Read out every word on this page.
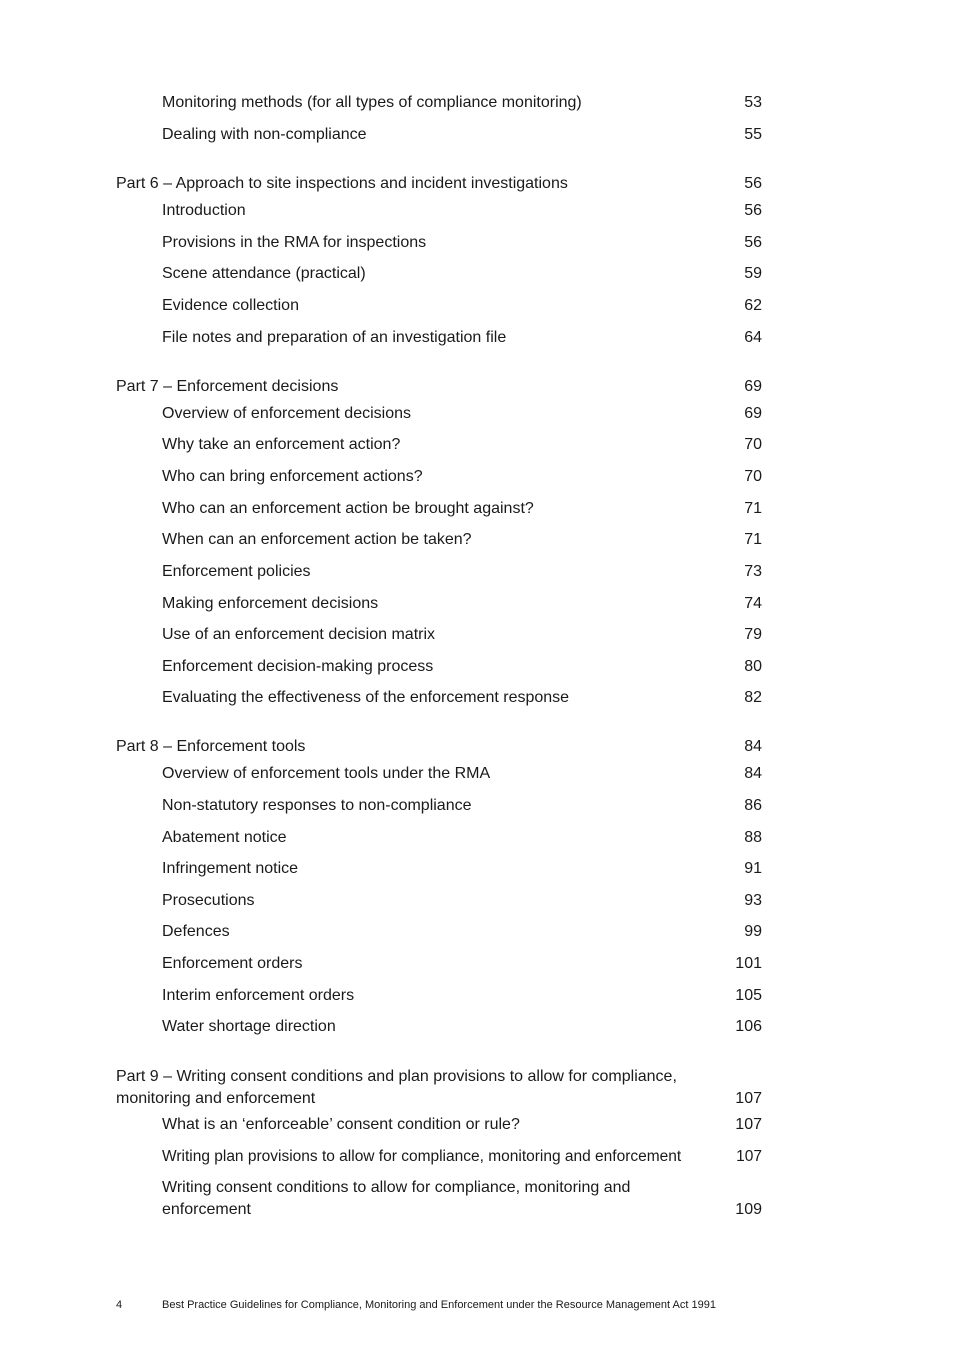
Monitoring methods (for all types of compliance monitoring)	53
Dealing with non-compliance	55
Part 6 – Approach to site inspections and incident investigations	56
Introduction	56
Provisions in the RMA for inspections	56
Scene attendance (practical)	59
Evidence collection	62
File notes and preparation of an investigation file	64
Part 7 – Enforcement decisions	69
Overview of enforcement decisions	69
Why take an enforcement action?	70
Who can bring enforcement actions?	70
Who can an enforcement action be brought against?	71
When can an enforcement action be taken?	71
Enforcement policies	73
Making enforcement decisions	74
Use of an enforcement decision matrix	79
Enforcement decision-making process	80
Evaluating the effectiveness of the enforcement response	82
Part 8 – Enforcement tools	84
Overview of enforcement tools under the RMA	84
Non-statutory responses to non-compliance	86
Abatement notice	88
Infringement notice	91
Prosecutions	93
Defences	99
Enforcement orders	101
Interim enforcement orders	105
Water shortage direction	106
Part 9 – Writing consent conditions and plan provisions to allow for compliance, monitoring and enforcement	107
What is an ‘enforceable’ consent condition or rule?	107
Writing plan provisions to allow for compliance, monitoring and enforcement	107
Writing consent conditions to allow for compliance, monitoring and enforcement	109
4	Best Practice Guidelines for Compliance, Monitoring and Enforcement under the Resource Management Act 1991
